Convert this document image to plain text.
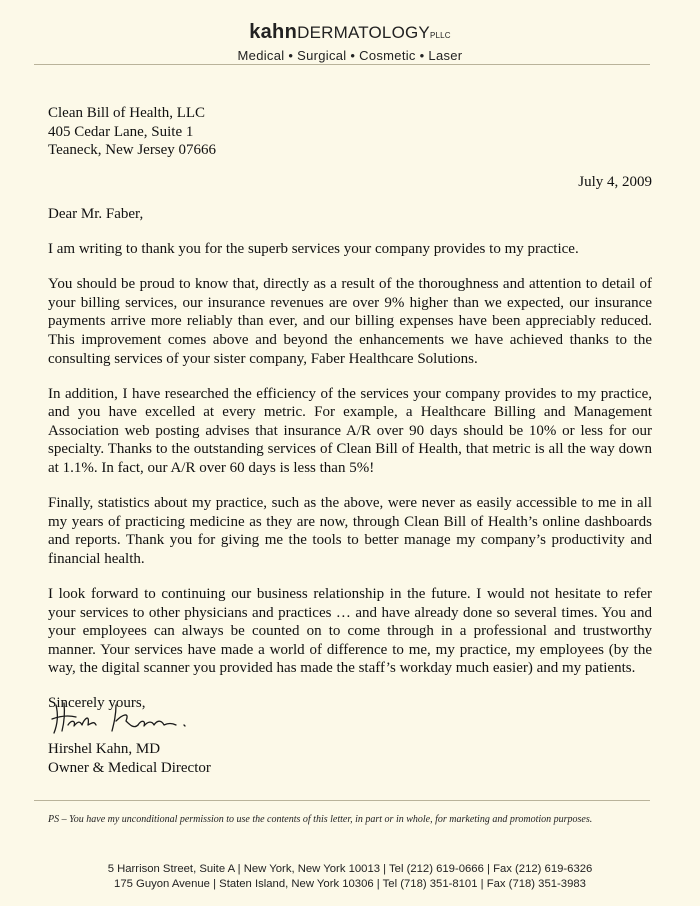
kahnDERMATOLOGYPLLC
Medical • Surgical • Cosmetic • Laser
Clean Bill of Health, LLC
405 Cedar Lane, Suite 1
Teaneck, New Jersey 07666
July 4, 2009

Dear Mr. Faber,

I am writing to thank you for the superb services your company provides to my practice.

You should be proud to know that, directly as a result of the thoroughness and attention to detail of your billing services, our insurance revenues are over 9% higher than we expected, our insurance payments arrive more reliably than ever, and our billing expenses have been appreciably reduced. This improvement comes above and beyond the enhancements we have achieved thanks to the consulting services of your sister company, Faber Healthcare Solutions.

In addition, I have researched the efficiency of the services your company provides to my practice, and you have excelled at every metric. For example, a Healthcare Billing and Management Association web posting advises that insurance A/R over 90 days should be 10% or less for our specialty. Thanks to the outstanding services of Clean Bill of Health, that metric is all the way down at 1.1%. In fact, our A/R over 60 days is less than 5%!

Finally, statistics about my practice, such as the above, were never as easily accessible to me in all my years of practicing medicine as they are now, through Clean Bill of Health’s online dashboards and reports. Thank you for giving me the tools to better manage my company’s productivity and financial health.

I look forward to continuing our business relationship in the future. I would not hesitate to refer your services to other physicians and practices … and have already done so several times. You and your employees can always be counted on to come through in a professional and trustworthy manner. Your services have made a world of difference to me, my practice, my employees (by the way, the digital scanner you provided has made the staff’s workday much easier) and my patients.

Sincerely yours,

Hirshel Kahn, MD
Owner & Medical Director
PS – You have my unconditional permission to use the contents of this letter, in part or in whole, for marketing and promotion purposes.
5 Harrison Street, Suite A | New York, New York 10013 | Tel (212) 619-0666 | Fax (212) 619-6326
175 Guyon Avenue | Staten Island, New York 10306 | Tel (718) 351-8101 | Fax (718) 351-3983
